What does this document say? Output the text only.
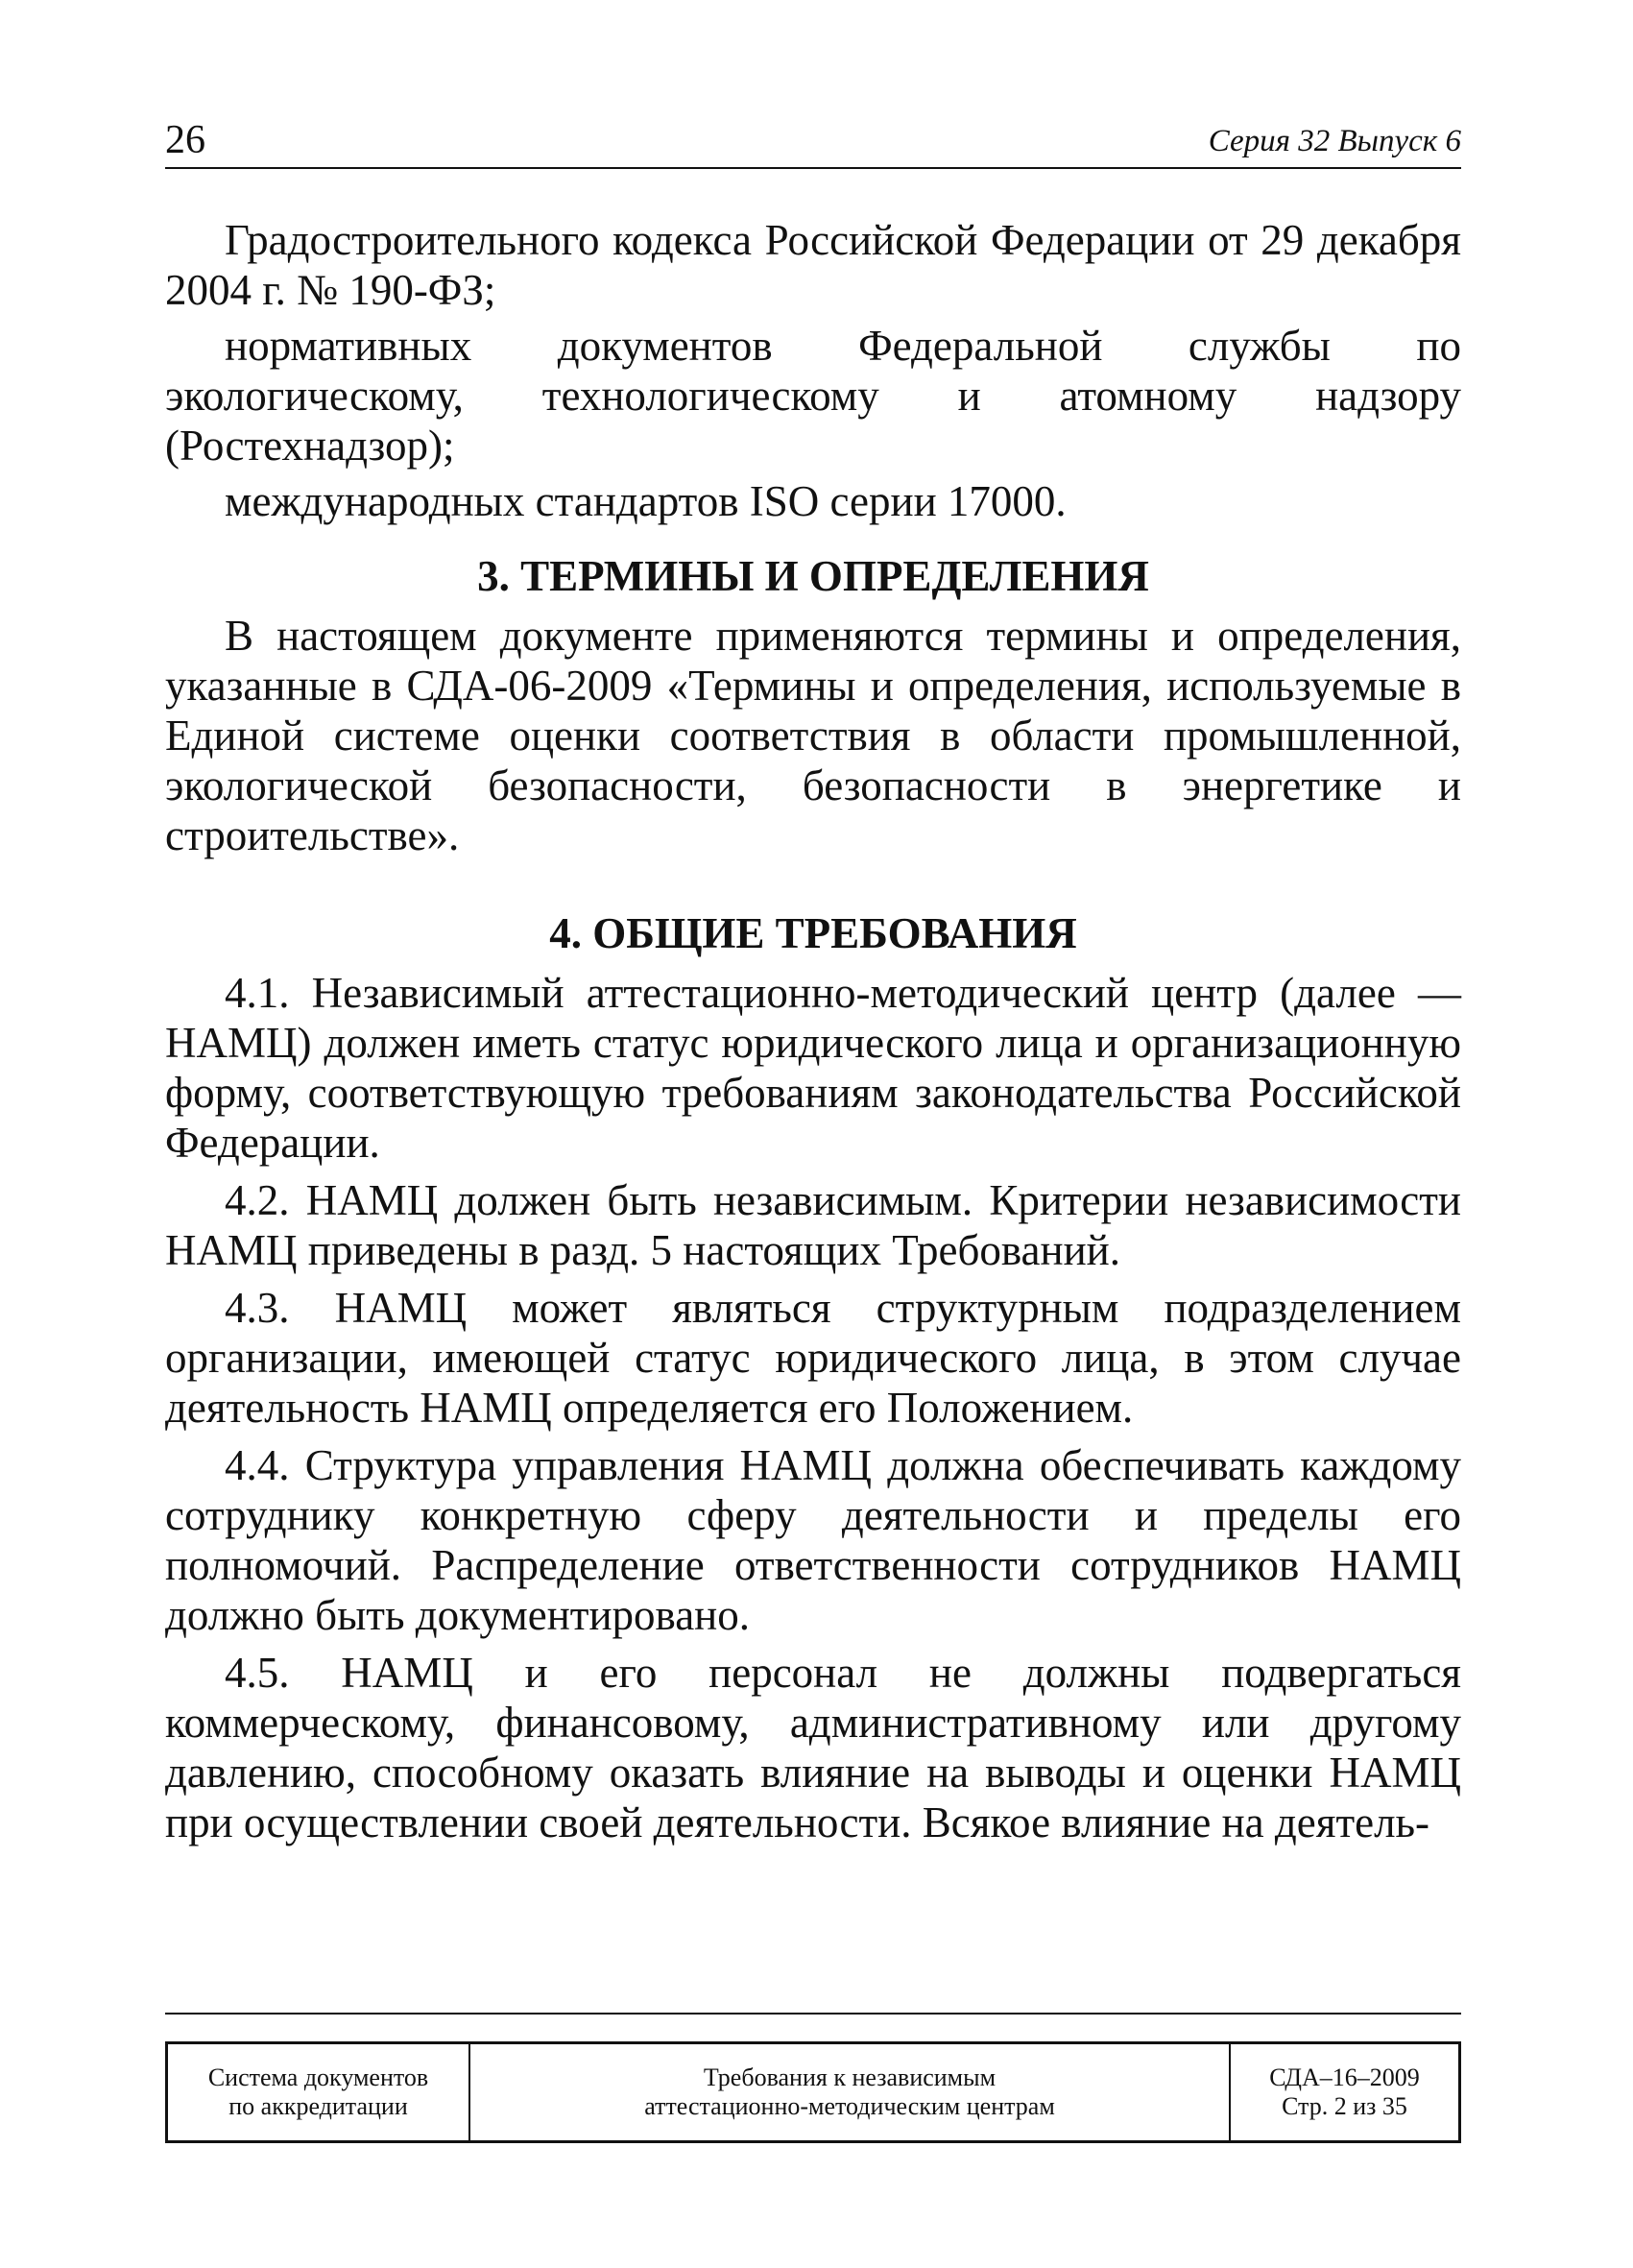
26	Серия 32 Выпуск 6

Градостроительного кодекса Российской Федерации от 29 декабря 2004 г. № 190-ФЗ;

нормативных документов Федеральной службы по экологическому, технологическому и атомному надзору (Ростехнадзор);

международных стандартов ISO серии 17000.

3. ТЕРМИНЫ И ОПРЕДЕЛЕНИЯ

В настоящем документе применяются термины и определения, указанные в СДА-06-2009 «Термины и определения, используемые в Единой системе оценки соответствия в области промышленной, экологической безопасности, безопасности в энергетике и строительстве».

4. ОБЩИЕ ТРЕБОВАНИЯ

4.1. Независимый аттестационно-методический центр (далее — НАМЦ) должен иметь статус юридического лица и организационную форму, соответствующую требованиям законодательства Российской Федерации.

4.2. НАМЦ должен быть независимым. Критерии независимости НАМЦ приведены в разд. 5 настоящих Требований.

4.3. НАМЦ может являться структурным подразделением организации, имеющей статус юридического лица, в этом случае деятельность НАМЦ определяется его Положением.

4.4. Структура управления НАМЦ должна обеспечивать каждому сотруднику конкретную сферу деятельности и пределы его полномочий. Распределение ответственности сотрудников НАМЦ должно быть документировано.

4.5. НАМЦ и его персонал не должны подвергаться коммерческому, финансовому, административному или другому давлению, способному оказать влияние на выводы и оценки НАМЦ при осуществлении своей деятельности. Всякое влияние на деятель-

Система документов
по аккредитации
Требования к независимым
аттестационно-методическим центрам
СДА–16–2009
Стр. 2 из 35
